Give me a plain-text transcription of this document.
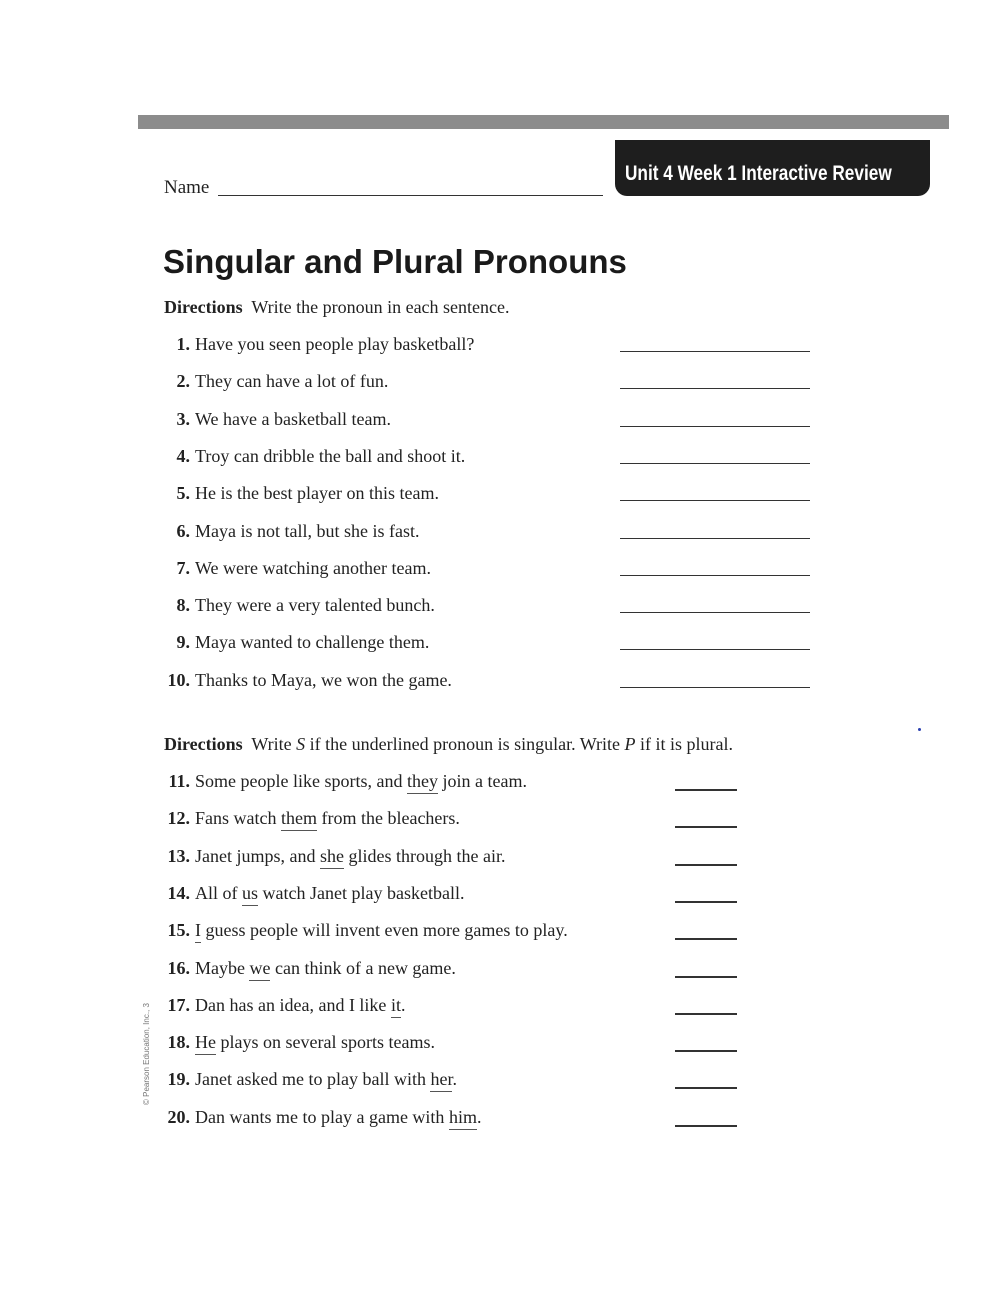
Name
Unit 4 Week 1 Interactive Review
Singular and Plural Pronouns
Directions Write the pronoun in each sentence.
1. Have you seen people play basketball?
2. They can have a lot of fun.
3. We have a basketball team.
4. Troy can dribble the ball and shoot it.
5. He is the best player on this team.
6. Maya is not tall, but she is fast.
7. We were watching another team.
8. They were a very talented bunch.
9. Maya wanted to challenge them.
10. Thanks to Maya, we won the game.
Directions Write S if the underlined pronoun is singular. Write P if it is plural.
11. Some people like sports, and they join a team.
12. Fans watch them from the bleachers.
13. Janet jumps, and she glides through the air.
14. All of us watch Janet play basketball.
15. I guess people will invent even more games to play.
16. Maybe we can think of a new game.
17. Dan has an idea, and I like it.
18. He plays on several sports teams.
19. Janet asked me to play ball with her.
20. Dan wants me to play a game with him.
© Pearson Education, Inc., 3
